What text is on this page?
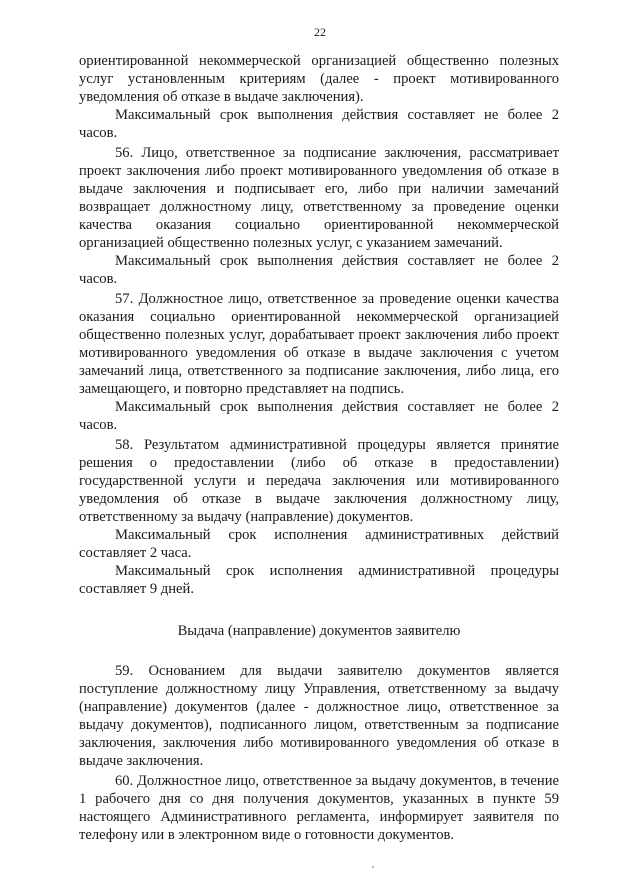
22

ориентированной некоммерческой организацией общественно полезных услуг установленным критериям (далее - проект мотивированного уведомления об отказе в выдаче заключения).

Максимальный срок выполнения действия составляет не более 2 часов.

56. Лицо, ответственное за подписание заключения, рассматривает проект заключения либо проект мотивированного уведомления об отказе в выдаче заключения и подписывает его, либо при наличии замечаний возвращает должностному лицу, ответственному за проведение оценки качества оказания социально ориентированной некоммерческой организацией общественно полезных услуг, с указанием замечаний.

Максимальный срок выполнения действия составляет не более 2 часов.

57. Должностное лицо, ответственное за проведение оценки качества оказания социально ориентированной некоммерческой организацией общественно полезных услуг, дорабатывает проект заключения либо проект мотивированного уведомления об отказе в выдаче заключения с учетом замечаний лица, ответственного за подписание заключения, либо лица, его замещающего, и повторно представляет на подпись.

Максимальный срок выполнения действия составляет не более 2 часов.

58. Результатом административной процедуры является принятие решения о предоставлении (либо об отказе в предоставлении) государственной услуги и передача заключения или мотивированного уведомления об отказе в выдаче заключения должностному лицу, ответственному за выдачу (направление) документов.

Максимальный срок исполнения административных действий составляет 2 часа.

Максимальный срок исполнения административной процедуры составляет 9 дней.

Выдача (направление) документов заявителю

59. Основанием для выдачи заявителю документов является поступление должностному лицу Управления, ответственному за выдачу (направление) документов (далее - должностное лицо, ответственное за выдачу документов), подписанного лицом, ответственным за подписание заключения, заключения либо мотивированного уведомления об отказе в выдаче заключения.

60. Должностное лицо, ответственное за выдачу документов, в течение 1 рабочего дня со дня получения документов, указанных в пункте 59 настоящего Административного регламента, информирует заявителя по телефону или в электронном виде о готовности документов.
